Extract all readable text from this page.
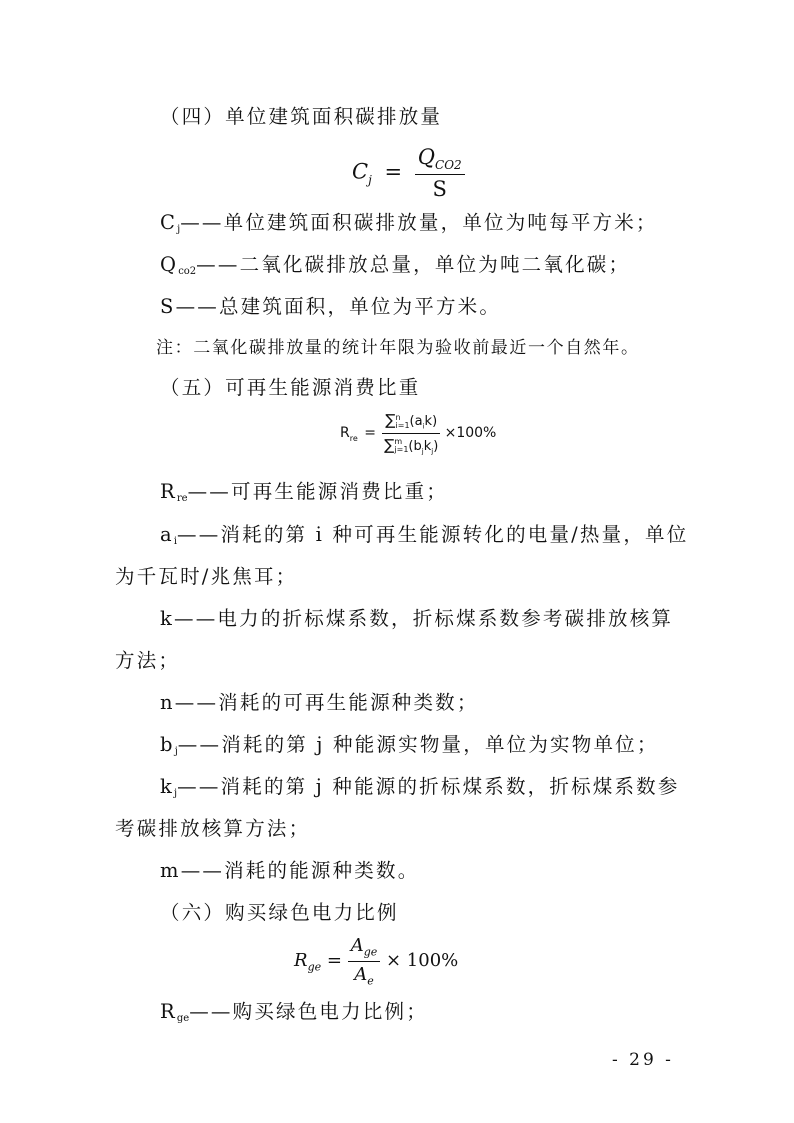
（四）单位建筑面积碳排放量
$C_j = \frac{Q_{CO2}}{S}$
$C_j——$单位建筑面积碳排放量，单位为吨每平方米；
$Q_{co2}——$二氧化碳排放总量，单位为吨二氧化碳；
S——总建筑面积，单位为平方米。
注：二氧化碳排放量的统计年限为验收前最近一个自然年。
（五）可再生能源消费比重
$R_{re}$ = ∑ n
i=1 $(a_ik)$
∑ m
j=1 $(b_jk_j) \times 100\%$
$R_{re}——$可再生能源消费比重；
$a_i——$消耗的第 i 种可再生能源转化的电量/热量，单位
为千瓦时/兆焦耳；
k——电力的折标煤系数，折标煤系数参考碳排放核算
方法；
n——消耗的可再生能源种类数；
$b_j——$消耗的第 j 种能源实物量，单位为实物单位；
$k_j——$消耗的第 j 种能源的折标煤系数，折标煤系数参
考碳排放核算方法；
m——消耗的能源种类数。
（六）购买绿色电力比例
$R_{ge} = \frac{A_{ge}}{A_e} \times 100\%$
$R_{ge}——$购买绿色电力比例；
- 29 -
